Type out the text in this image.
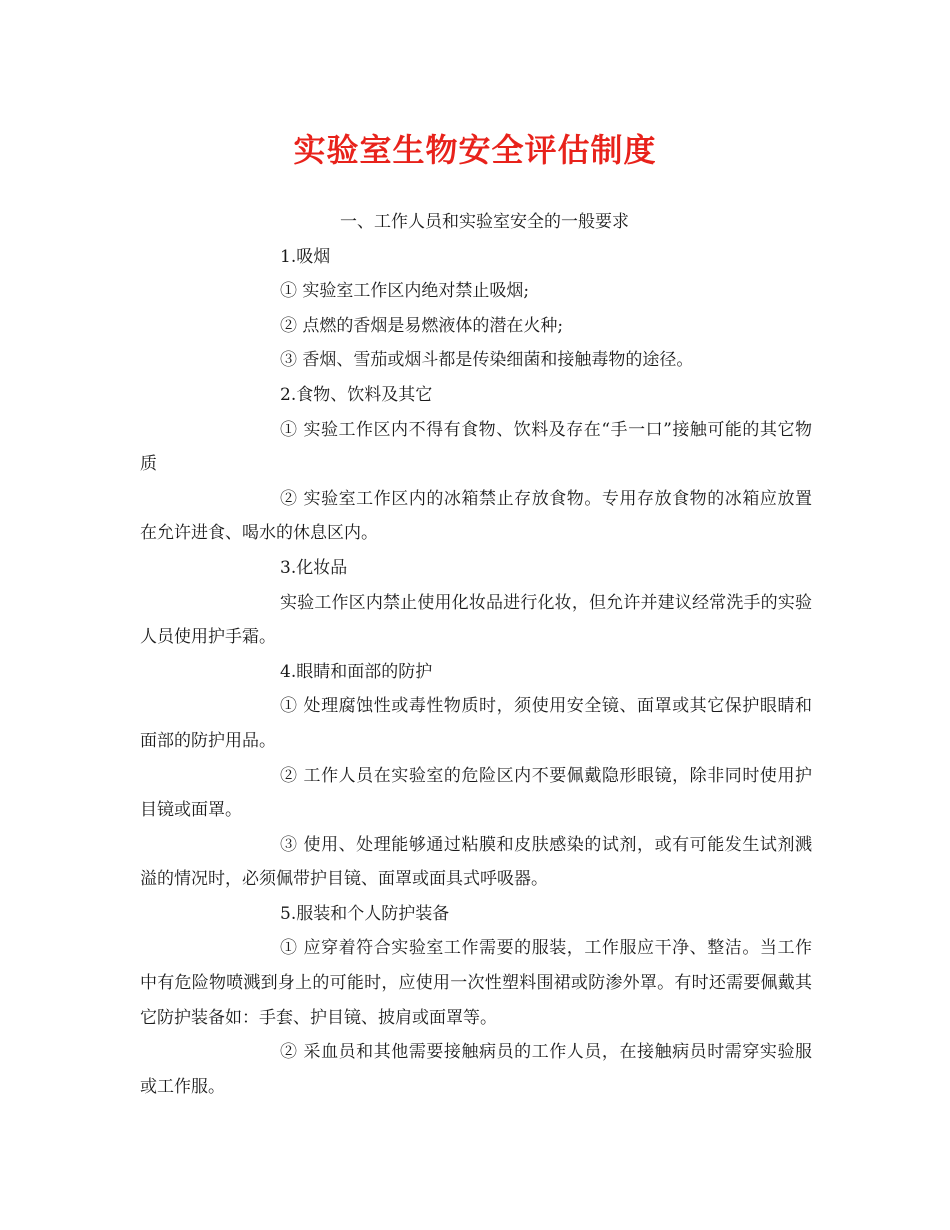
实验室生物安全评估制度

一、工作人员和实验室安全的一般要求

1.吸烟

① 实验室工作区内绝对禁止吸烟;

② 点燃的香烟是易燃液体的潜在火种;

③ 香烟、雪茄或烟斗都是传染细菌和接触毒物的途径。

2.食物、饮料及其它

① 实验工作区内不得有食物、饮料及存在“手一口”接触可能的其它物质

② 实验室工作区内的冰箱禁止存放食物。专用存放食物的冰箱应放置在允许进食、喝水的休息区内。

3.化妆品

实验工作区内禁止使用化妆品进行化妆，但允许并建议经常洗手的实验人员使用护手霜。

4.眼睛和面部的防护

① 处理腐蚀性或毒性物质时，须使用安全镜、面罩或其它保护眼睛和面部的防护用品。

② 工作人员在实验室的危险区内不要佩戴隐形眼镜，除非同时使用护目镜或面罩。

③ 使用、处理能够通过粘膜和皮肤感染的试剂，或有可能发生试剂溅溢的情况时，必须佩带护目镜、面罩或面具式呼吸器。

5.服装和个人防护装备

① 应穿着符合实验室工作需要的服装，工作服应干净、整洁。当工作中有危险物喷溅到身上的可能时，应使用一次性塑料围裙或防渗外罩。有时还需要佩戴其它防护装备如：手套、护目镜、披肩或面罩等。

② 采血员和其他需要接触病员的工作人员，在接触病员时需穿实验服或工作服。
